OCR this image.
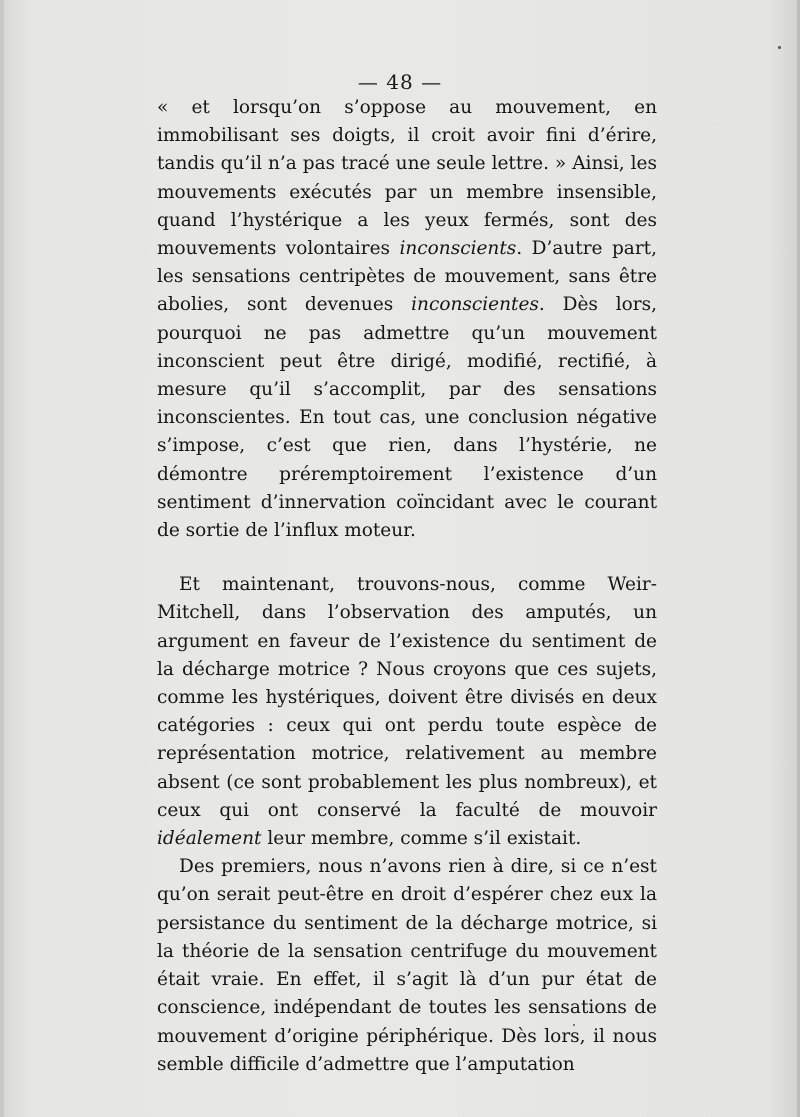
— 48 —

« et lorsqu’on s’oppose au mouvement, en immobilisant ses doigts, il croit avoir fini d’érire, tandis qu’il n’a pas tracé une seule lettre. » Ainsi, les mouvements exécutés par un membre insensible, quand l’hystérique a les yeux fermés, sont des mouvements volontaires inconscients. D’autre part, les sensations centripètes de mouvement, sans être abolies, sont devenues inconscientes. Dès lors, pourquoi ne pas admettre qu’un mouvement inconscient peut être dirigé, modifié, rectifié, à mesure qu’il s’accomplit, par des sensations inconscientes. En tout cas, une conclusion négative s’impose, c’est que rien, dans l’hystérie, ne démontre préremptoirement l’existence d’un sentiment d’innervation coïncidant avec le courant de sortie de l’influx moteur.

Et maintenant, trouvons-nous, comme Weir-Mitchell, dans l’observation des amputés, un argument en faveur de l’existence du sentiment de la décharge motrice ? Nous croyons que ces sujets, comme les hystériques, doivent être divisés en deux catégories : ceux qui ont perdu toute espèce de représentation motrice, relativement au membre absent (ce sont probablement les plus nombreux), et ceux qui ont conservé la faculté de mouvoir idéalement leur membre, comme s’il existait.

Des premiers, nous n’avons rien à dire, si ce n’est qu’on serait peut-être en droit d’espérer chez eux la persistance du sentiment de la décharge motrice, si la théorie de la sensation centrifuge du mouvement était vraie. En effet, il s’agit là d’un pur état de conscience, indépendant de toutes les sensations de mouvement d’origine périphérique. Dès lors, il nous semble difficile d’admettre que l’amputation
